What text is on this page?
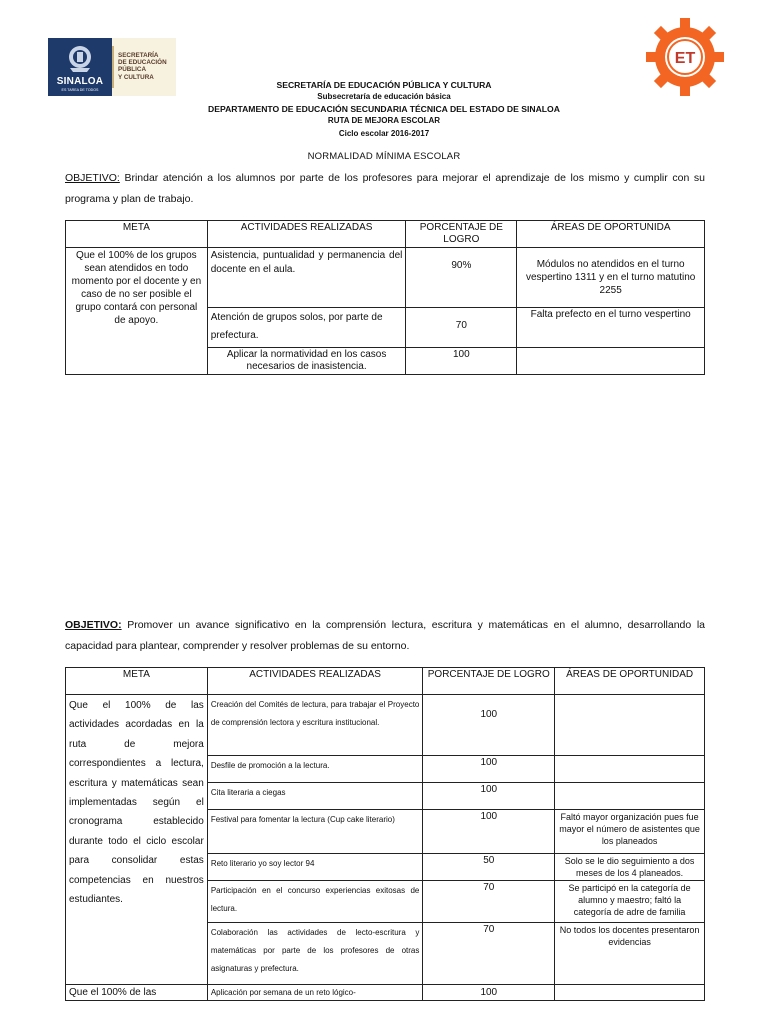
SINALOA
ES TAREA DE TODOS
SECRETARÍA
DE EDUCACIÓN
PÚBLICA
Y CULTURA
ET
SECRETARÍA DE EDUCACIÓN PÚBLICA Y CULTURA
Subsecretaría de educación básica
DEPARTAMENTO DE EDUCACIÓN SECUNDARIA TÉCNICA DEL ESTADO DE SINALOA
RUTA DE MEJORA ESCOLAR
Ciclo escolar 2016-2017
NORMALIDAD MÍNIMA ESCOLAR
OBJETIVO: Brindar atención a los alumnos por parte de los profesores para mejorar el aprendizaje de los mismo y cumplir con su programa y plan de trabajo.
META	ACTIVIDADES REALIZADAS	PORCENTAJE DE LOGRO	ÁREAS DE OPORTUNIDA
Que el 100% de los grupos sean atendidos en todo momento por el docente y en caso de no ser posible el grupo contará con personal de apoyo.	Asistencia, puntualidad y permanencia del docente en el aula.	90%	Módulos no atendidos en el turno vespertino 1311 y en el turno matutino 2255
	Atención de grupos solos, por parte de prefectura.	70	Falta prefecto en el turno vespertino
	Aplicar la normatividad en los casos necesarios de inasistencia.	100	
OBJETIVO: Promover un avance significativo en la comprensión lectura, escritura y matemáticas en el alumno, desarrollando la capacidad para plantear, comprender y resolver problemas de su entorno.
META	ACTIVIDADES REALIZADAS	PORCENTAJE DE LOGRO	ÁREAS DE OPORTUNIDAD
Que el 100% de las actividades acordadas en la ruta de mejora correspondientes a lectura, escritura y matemáticas sean implementadas según el cronograma establecido durante todo el ciclo escolar para consolidar estas competencias en nuestros estudiantes.	Creación del Comités de lectura, para trabajar el Proyecto de comprensión lectora y escritura institucional.	100	
	Desfile de promoción a la lectura.	100	
	Cita literaria a ciegas	100	
	Festival para fomentar la lectura (Cup cake literario)	100	Faltó mayor organización pues fue mayor el número de asistentes que los planeados
	Reto literario yo soy lector 94	50	Solo se le dio seguimiento a dos meses de los 4 planeados.
	Participación en el concurso experiencias exitosas de lectura.	70	Se participó en la categoría de alumno y maestro; faltó la categoría de adre de familia
	Colaboración las actividades de lecto-escritura y matemáticas por parte de los profesores de otras asignaturas y prefectura.	70	No todos los docentes presentaron evidencias
Que el 100% de las	Aplicación por semana de un reto lógico-	100	
